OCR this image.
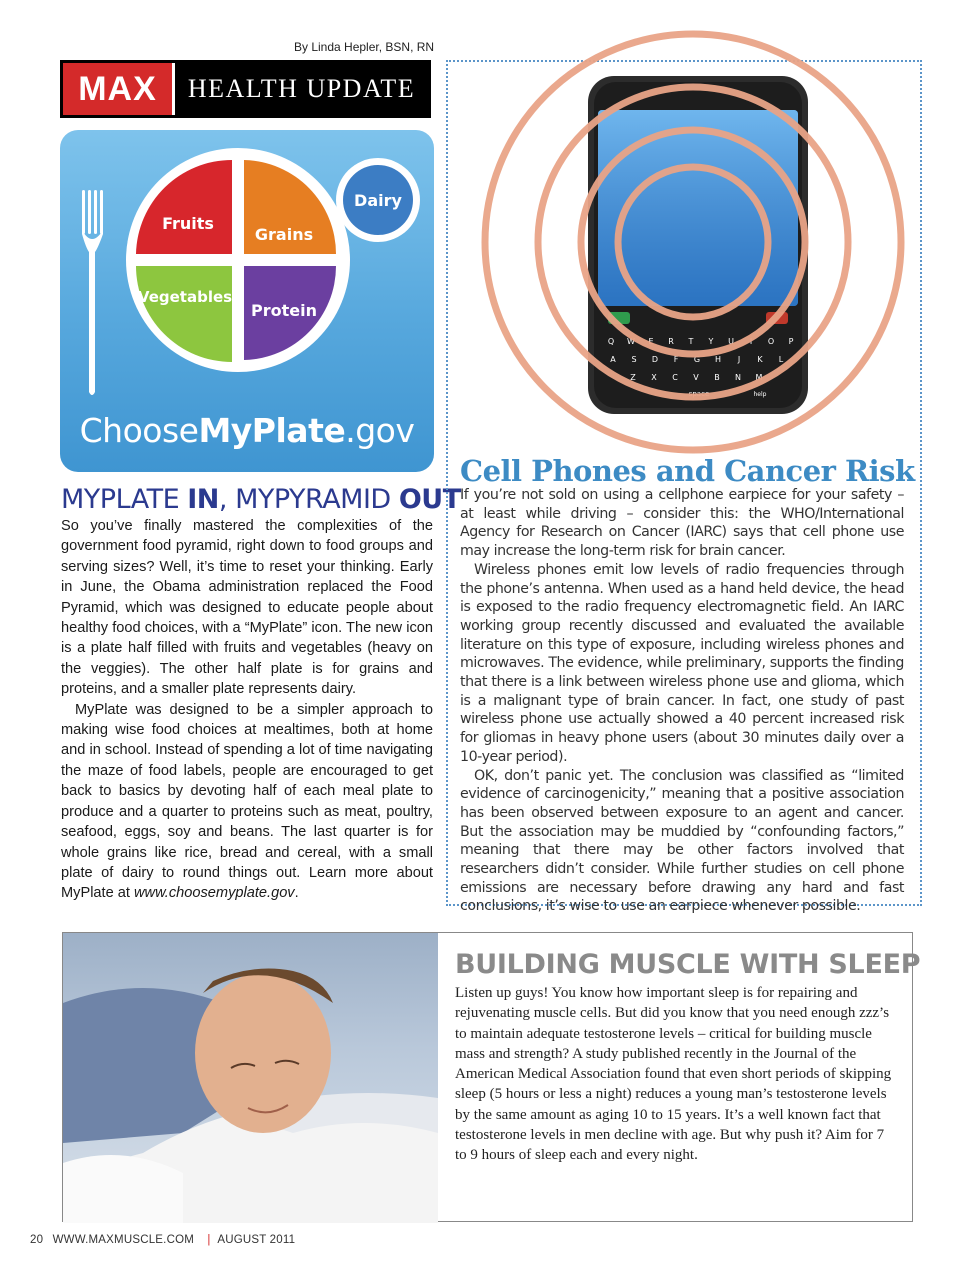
By Linda Hepler, BSN, RN
MAX	HEALTH UPDATE
Fruits
Grains
Vegetables
Protein
Dairy
ChooseMyPlate.gov
MYPLATE IN, MYPYRAMID OUT

So you’ve finally mastered the complexities of the government food pyramid, right down to food groups and serving sizes? Well, it’s time to reset your thinking. Early in June, the Obama administration replaced the Food Pyramid, which was designed to educate people about healthy food choices, with a “MyPlate” icon. The new icon is a plate half filled with fruits and vegetables (heavy on the veggies). The other half plate is for grains and proteins, and a smaller plate represents dairy.

MyPlate was designed to be a simpler approach to making wise food choices at mealtimes, both at home and in school. Instead of spending a lot of time navigating the maze of food labels, people are encouraged to get back to basics by devoting half of each meal plate to produce and a quarter to proteins such as meat, poultry, seafood, eggs, soy and beans. The last quarter is for whole grains like rice, bread and cereal, with a small plate of dairy to round things out. Learn more about MyPlate at www.choosemyplate.gov.

Q W E R T Y U I O P
A S D F G H J K L
Z X C V B N M
space	help
Cell Phones and Cancer Risk

If you’re not sold on using a cellphone earpiece for your safety – at least while driving – consider this: the WHO/International Agency for Research on Cancer (IARC) says that cell phone use may increase the long-term risk for brain cancer.

Wireless phones emit low levels of radio frequencies through the phone’s antenna. When used as a hand held device, the head is exposed to the radio frequency electromagnetic field. An IARC working group recently discussed and evaluated the available literature on this type of exposure, including wireless phones and microwaves. The evidence, while preliminary, supports the finding that there is a link between wireless phone use and glioma, which is a malignant type of brain cancer. In fact, one study of past wireless phone use actually showed a 40 percent increased risk for gliomas in heavy phone users (about 30 minutes daily over a 10-year period).

OK, don’t panic yet. The conclusion was classified as “limited evidence of carcinogenicity,” meaning that a positive association has been observed between exposure to an agent and cancer. But the association may be muddied by “confounding factors,” meaning that there may be other factors involved that researchers didn’t consider. While further studies on cell phone emissions are necessary before drawing any hard and fast conclusions, it’s wise to use an earpiece whenever possible.

BUILDING MUSCLE WITH SLEEP
Listen up guys! You know how important sleep is for repairing and rejuvenating muscle cells. But did you know that you need enough zzz’s to maintain adequate testosterone levels – critical for building muscle mass and strength? A study published recently in the Journal of the American Medical Association found that even short periods of skipping sleep (5 hours or less a night) reduces a young man’s testosterone levels by the same amount as aging 10 to 15 years. It’s a well known fact that testosterone levels in men decline with age. But why push it? Aim for 7 to 9 hours of sleep each and every night.
20 WWW.MAXMUSCLE.COM | AUGUST 2011
